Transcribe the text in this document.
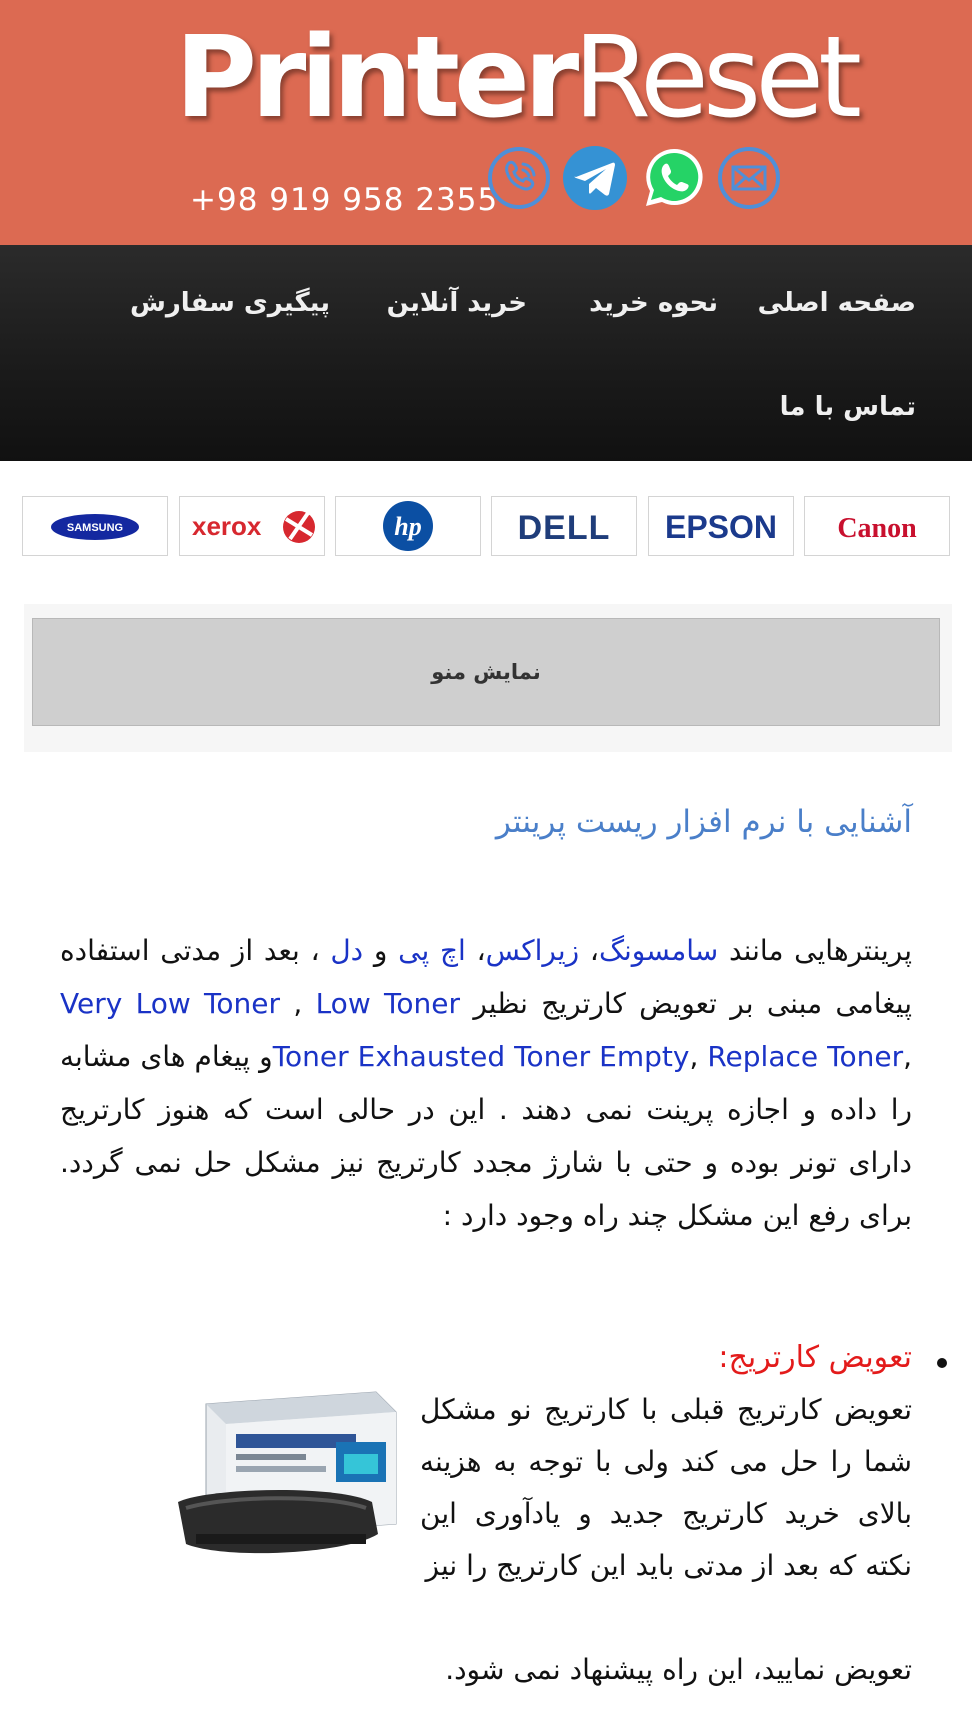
PrinterReset
+98 919 958 2355
صفحه اصلی
نحوه خرید
خرید آنلاین
پیگیری سفارش
تماس با ما
Canon
EPSON
DELL
hp
xerox
SAMSUNG
نمایش منو
آشنایی با نرم افزار ریست پرینتر
پرینترهایی مانند سامسونگ، زیراکس، اچ پی و دل ، بعد از مدتی استفاده پیغامی مبنی بر تعویض کارتریج نظیر Low Toner , Very Low Toner ,Replace Toner ,Toner Empty Toner Exhaustedو پیغام های مشابه را داده و اجازه پرینت نمی دهند . این در حالی است که هنوز کارتریج دارای تونر بوده و حتی با شارژ مجدد کارتریج نیز مشکل حل نمی گردد. برای رفع این مشکل چند راه وجود دارد :
تعویض کارتریج:
تعویض کارتریج قبلی با کارتریج نو مشکل شما را حل می کند ولی با توجه به هزینه بالای خرید کارتریج جدید و یادآوری این نکته که بعد از مدتی باید این کارتریج را نیز
تعویض نمایید، این راه پیشنهاد نمی شود.
